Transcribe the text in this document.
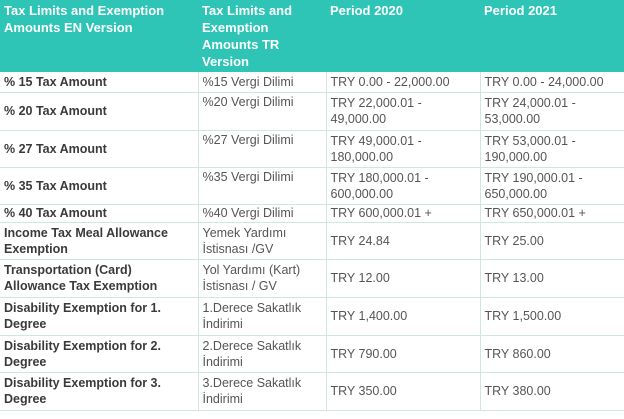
Tax Limits and Exemption Amounts EN Version	Tax Limits and Exemption Amounts TR Version	Period 2020	Period 2021
% 15 Tax Amount	%15 Vergi Dilimi	TRY 0.00 - 22,000.00	TRY 0.00 - 24,000.00
% 20 Tax Amount	%20 Vergi Dilimi	TRY 22,000.01 - 49,000.00	TRY 24,000.01 - 53,000.00
% 27 Tax Amount	%27 Vergi Dilimi	TRY 49,000.01 - 180,000.00	TRY 53,000.01 - 190,000.00
% 35 Tax Amount	%35 Vergi Dilimi	TRY 180,000.01 - 600,000.00	TRY 190,000.01 - 650,000.00
% 40 Tax Amount	%40 Vergi Dilimi	TRY 600,000.01 +	TRY 650,000.01 +
Income Tax Meal Allowance Exemption	Yemek Yardımı İstisnası /GV	TRY 24.84	TRY 25.00
Transportation (Card) Allowance Tax Exemption	Yol Yardımı (Kart) İstisnası / GV	TRY 12.00	TRY 13.00
Disability Exemption for 1. Degree	1.Derece Sakatlık İndirimi	TRY 1,400.00	TRY 1,500.00
Disability Exemption for 2. Degree	2.Derece Sakatlık İndirimi	TRY 790.00	TRY 860.00
Disability Exemption for 3. Degree	3.Derece Sakatlık İndirimi	TRY 350.00	TRY 380.00
